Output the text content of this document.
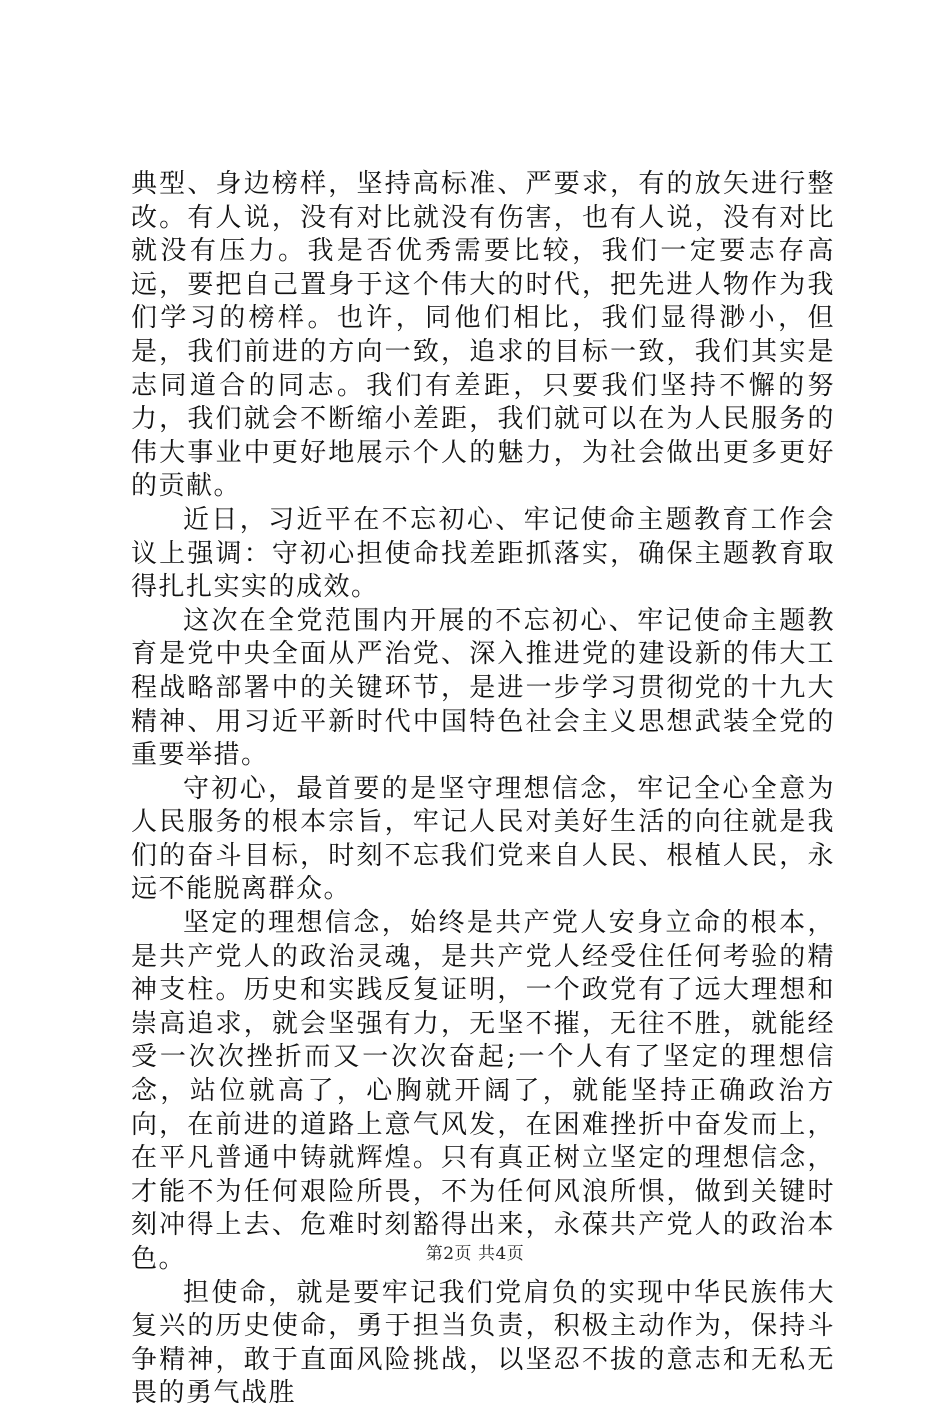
典型、身边榜样，坚持高标准、严要求，有的放矢进行整改。有人说，没有对比就没有伤害，也有人说，没有对比就没有压力。我是否优秀需要比较，我们一定要志存高远，要把自己置身于这个伟大的时代，把先进人物作为我们学习的榜样。也许，同他们相比，我们显得渺小，但是，我们前进的方向一致，追求的目标一致，我们其实是志同道合的同志。我们有差距，只要我们坚持不懈的努力，我们就会不断缩小差距，我们就可以在为人民服务的伟大事业中更好地展示个人的魅力，为社会做出更多更好的贡献。

近日，习近平在不忘初心、牢记使命主题教育工作会议上强调：守初心担使命找差距抓落实，确保主题教育取得扎扎实实的成效。

这次在全党范围内开展的不忘初心、牢记使命主题教育是党中央全面从严治党、深入推进党的建设新的伟大工程战略部署中的关键环节，是进一步学习贯彻党的十九大精神、用习近平新时代中国特色社会主义思想武装全党的重要举措。

守初心，最首要的是坚守理想信念，牢记全心全意为人民服务的根本宗旨，牢记人民对美好生活的向往就是我们的奋斗目标，时刻不忘我们党来自人民、根植人民，永远不能脱离群众。

坚定的理想信念，始终是共产党人安身立命的根本，是共产党人的政治灵魂，是共产党人经受住任何考验的精神支柱。历史和实践反复证明，一个政党有了远大理想和崇高追求，就会坚强有力，无坚不摧，无往不胜，就能经受一次次挫折而又一次次奋起;一个人有了坚定的理想信念，站位就高了，心胸就开阔了，就能坚持正确政治方向，在前进的道路上意气风发，在困难挫折中奋发而上，在平凡普通中铸就辉煌。只有真正树立坚定的理想信念，才能不为任何艰险所畏，不为任何风浪所惧，做到关键时刻冲得上去、危难时刻豁得出来，永葆共产党人的政治本色。

担使命，就是要牢记我们党肩负的实现中华民族伟大复兴的历史使命，勇于担当负责，积极主动作为，保持斗争精神，敢于直面风险挑战，以坚忍不拔的意志和无私无畏的勇气战胜

第2页 共4页
